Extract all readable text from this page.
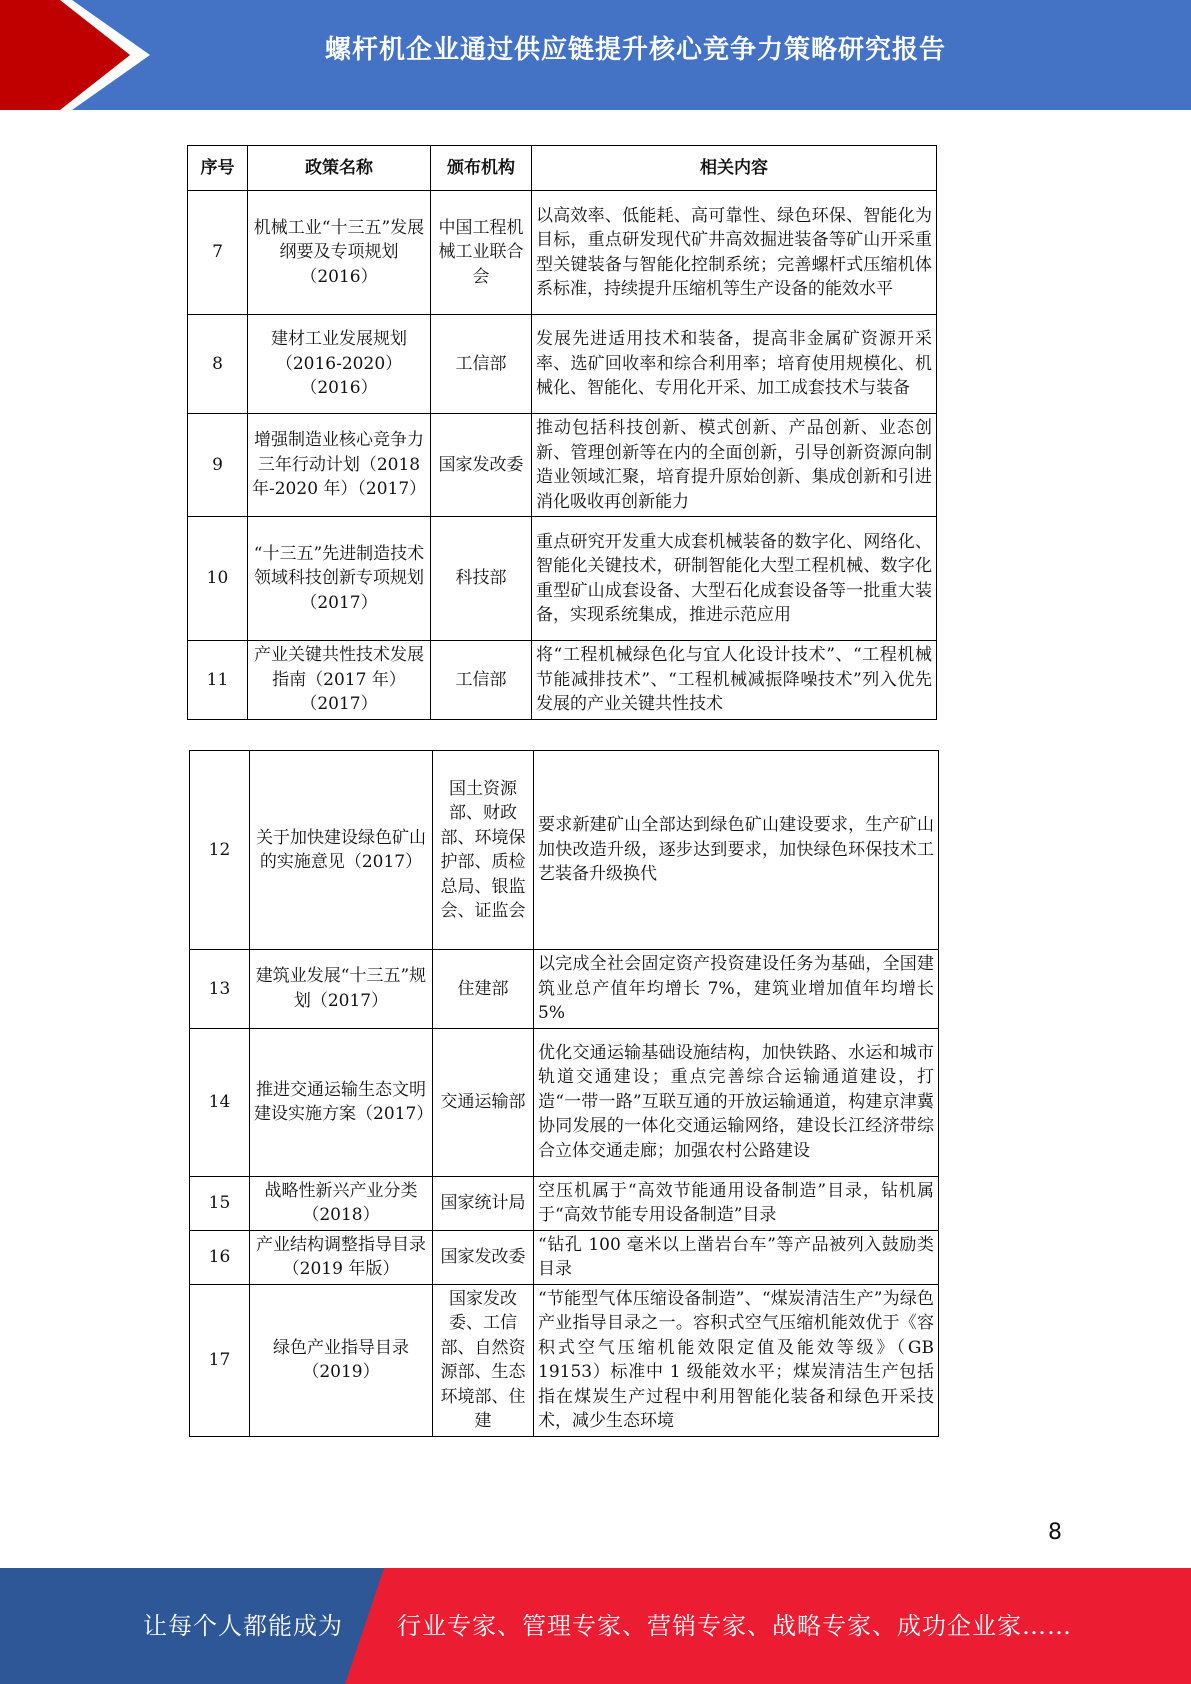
螺杆机企业通过供应链提升核心竞争力策略研究报告
序号	政策名称	颁布机构	相关内容
7	机械工业“十三五”发展纲要及专项规划（2016）	中国工程机械工业联合会	以高效率、低能耗、高可靠性、绿色环保、智能化为目标，重点研发现代矿井高效掘进装备等矿山开采重型关键装备与智能化控制系统；完善螺杆式压缩机体系标准，持续提升压缩机等生产设备的能效水平
8	建材工业发展规划（2016-2020）（2016）	工信部	发展先进适用技术和装备，提高非金属矿资源开采率、选矿回收率和综合利用率；培育使用规模化、机械化、智能化、专用化开采、加工成套技术与装备
9	增强制造业核心竞争力三年行动计划（2018 年-2020 年）（2017）	国家发改委	推动包括科技创新、模式创新、产品创新、业态创新、管理创新等在内的全面创新，引导创新资源向制造业领域汇聚，培育提升原始创新、集成创新和引进消化吸收再创新能力
10	“十三五”先进制造技术领域科技创新专项规划（2017）	科技部	重点研究开发重大成套机械装备的数字化、网络化、智能化关键技术，研制智能化大型工程机械、数字化重型矿山成套设备、大型石化成套设备等一批重大装备，实现系统集成，推进示范应用
11	产业关键共性技术发展指南（2017 年）（2017）	工信部	将“工程机械绿色化与宜人化设计技术”、“工程机械节能减排技术”、“工程机械减振降噪技术”列入优先发展的产业关键共性技术
12	关于加快建设绿色矿山的实施意见（2017）	国土资源部、财政部、环境保护部、质检总局、银监会、证监会	要求新建矿山全部达到绿色矿山建设要求，生产矿山加快改造升级，逐步达到要求，加快绿色环保技术工艺装备升级换代
13	建筑业发展“十三五”规划（2017）	住建部	以完成全社会固定资产投资建设任务为基础，全国建筑业总产值年均增长 7%，建筑业增加值年均增长 5%
14	推进交通运输生态文明建设实施方案（2017）	交通运输部	优化交通运输基础设施结构，加快铁路、水运和城市轨道交通建设；重点完善综合运输通道建设，打造“一带一路”互联互通的开放运输通道，构建京津冀协同发展的一体化交通运输网络，建设长江经济带综合立体交通走廊；加强农村公路建设
15	战略性新兴产业分类（2018）	国家统计局	空压机属于“高效节能通用设备制造”目录，钻机属于“高效节能专用设备制造”目录
16	产业结构调整指导目录（2019 年版）	国家发改委	“钻孔 100 毫米以上凿岩台车”等产品被列入鼓励类目录
17	绿色产业指导目录（2019）	国家发改委、工信部、自然资源部、生态环境部、住建	“节能型气体压缩设备制造”、“煤炭清洁生产”为绿色产业指导目录之一。容积式空气压缩机能效优于《容积式空气压缩机能效限定值及能效等级》（GB 19153）标准中 1 级能效水平；煤炭清洁生产包括指在煤炭生产过程中利用智能化装备和绿色开采技术，减少生态环境
8
让每个人都能成为 行业专家、管理专家、营销专家、战略专家、成功企业家……
